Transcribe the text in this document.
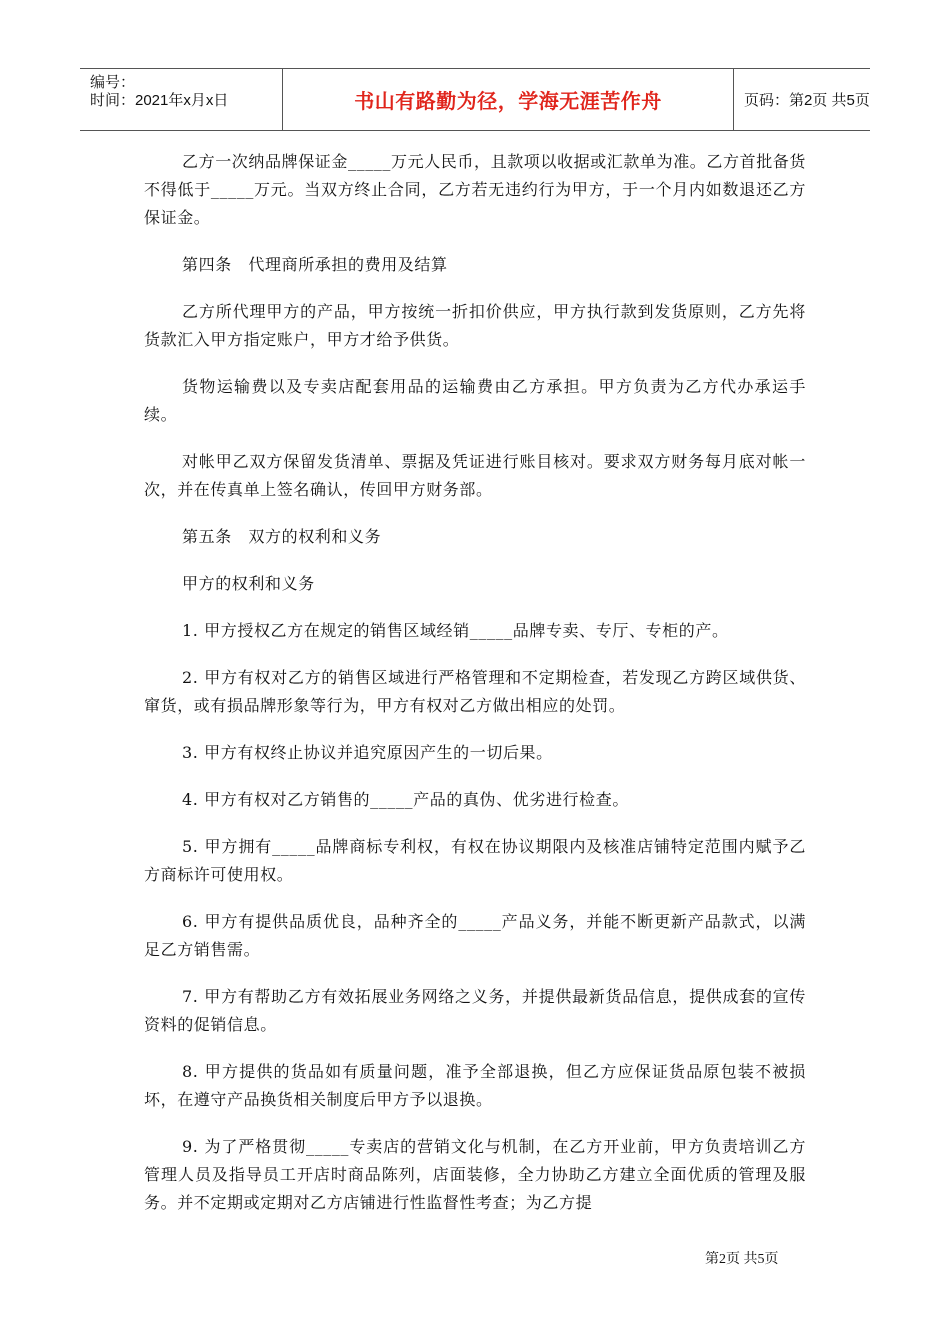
编号：
时间：2021年x月x日	书山有路勤为径，学海无涯苦作舟	页码：第2页 共5页

乙方一次纳品牌保证金_____万元人民币，且款项以收据或汇款单为准。乙方首批备货不得低于_____万元。当双方终止合同，乙方若无违约行为甲方，于一个月内如数退还乙方保证金。

第四条　代理商所承担的费用及结算

乙方所代理甲方的产品，甲方按统一折扣价供应，甲方执行款到发货原则，乙方先将货款汇入甲方指定账户，甲方才给予供货。

货物运输费以及专卖店配套用品的运输费由乙方承担。甲方负责为乙方代办承运手续。

对帐甲乙双方保留发货清单、票据及凭证进行账目核对。要求双方财务每月底对帐一次，并在传真单上签名确认，传回甲方财务部。

第五条　双方的权利和义务

甲方的权利和义务

1. 甲方授权乙方在规定的销售区域经销_____品牌专卖、专厅、专柜的产。

2. 甲方有权对乙方的销售区域进行严格管理和不定期检查，若发现乙方跨区域供货、窜货，或有损品牌形象等行为，甲方有权对乙方做出相应的处罚。

3. 甲方有权终止协议并追究原因产生的一切后果。

4. 甲方有权对乙方销售的_____产品的真伪、优劣进行检查。

5. 甲方拥有_____品牌商标专利权，有权在协议期限内及核准店铺特定范围内赋予乙方商标许可使用权。

6. 甲方有提供品质优良，品种齐全的_____产品义务，并能不断更新产品款式，以满足乙方销售需。

7. 甲方有帮助乙方有效拓展业务网络之义务，并提供最新货品信息，提供成套的宣传资料的促销信息。

8. 甲方提供的货品如有质量问题，准予全部退换，但乙方应保证货品原包装不被损坏，在遵守产品换货相关制度后甲方予以退换。

9. 为了严格贯彻_____专卖店的营销文化与机制，在乙方开业前，甲方负责培训乙方管理人员及指导员工开店时商品陈列，店面装修，全力协助乙方建立全面优质的管理及服务。并不定期或定期对乙方店铺进行性监督性考查；为乙方提

第2页 共5页
